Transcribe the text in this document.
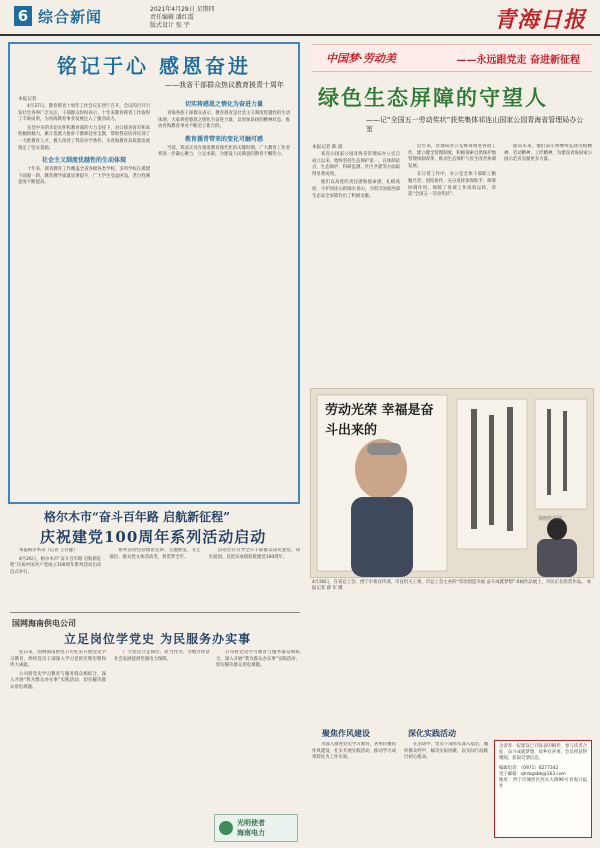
6 综合新闻	2021年4月29日 星期四
责任编辑 潘红霞
版式设计 张 宇	青海日报
铭记于心 感恩奋进
——我省干部群众热议教育援青十周年
本报记者

4月27日，教育援青十周年工作会议在西宁召开。会议的召开引发社会各界广泛关注，干部群众纷纷表示，十年来教育援青工作取得了丰硕成果，为青海教育事业发展注入了强劲动力。

在党中央的亲切关怀和教育部的大力支持下，对口援青省市和高校倾情倾力，累计选派大批骨干教师赴青支教，帮助我省培养培训了一大批教育人才，极大改善了我省办学条件，为青海教育高质量发展奠定了坚实基础。

社会主义制度优越性的生动体现

十年来，援青教育工作覆盖全省各级各类学校，多所学校在援建下面貌一新，教育教学质量显著提升，广大学生受益匪浅，老百姓满意度不断提高。

切实将感恩之情化为奋进力量

青海各族干部群众表示，教育援青是社会主义制度优越性的生动体现，大家将把感恩之情化为奋进力量，以更加昂扬的精神状态，推动青海教育事业不断迈上新台阶。

教育援青带来的变化可触可感

当前，我省正处在推进教育现代化的关键时期，广大教育工作者将进一步凝心聚力，立足本职，为建设人民满意的教育不懈努力。

中国梦·劳动美	——永远跟党走 奋进新征程
绿色生态屏障的守望人
——记“全国五一劳动奖状”获奖集体祁连山国家公园青海省管理局办公室
本报记者 陈 晨

祁连山国家公园青海省管理局办公室自成立以来，始终坚持生态保护第一，在体制试点、生态保护、科研监测、社区共建等方面取得显著成效。

他们以高度的责任感和使命感，扎根高原，守护祁连山的绿水青山，为筑牢国家西部生态安全屏障作出了积极贡献。

近年来，管理局办公室统筹推进各项工作，建立健全管理制度，积极探索自然保护地管理体制改革，推动生态保护与民生改善协调发展。

在日常工作中，办公室全体干部职工勤勉尽责、团结协作，充分发挥参谋助手、统筹协调作用，保障了各项工作高效运转，荣获“全国五一劳动奖状”。

面向未来，他们表示将继续弘扬劳模精神、劳动精神、工匠精神，为建设青海国家公园示范省贡献更多力量。

劳动光荣 幸福是奋斗出来的
书画作品展
4月28日，在省总工会、西宁市委宣传部、市直机关工委、市总工会主办的“劳动创造幸福 奋斗成就梦想”书画作品展上，市民正在欣赏作品。 本报记者 薛 军 摄
格尔木市“奋斗百年路 启航新征程”
庆祝建党100周年系列活动启动

本报格尔木讯（记者 王存健）

4月26日，格尔木市“奋斗百年路 启航新征程”庆祝中国共产党成立100周年系列活动启动仪式举行。

系列活动包括理论宣讲、主题展览、文艺演出、群众性文体活动等，将贯穿全年。

活动旨在引导全市干部群众知史爱党、知史爱国，以优异成绩迎接建党100周年。

国网海南供电公司
立足岗位学党史 为民服务办实事

连日来，国网海南供电公司扎实开展党史学习教育，组织党员干部深入学习党的光辉历程和伟大成就。

公司将党史学习教育与服务群众相结合，深入开展“我为群众办实事”实践活动，切实解决群众用电难题。

广大党员立足岗位、担当作为，为地方经济社会发展提供坚强电力保障。

公司将党史学习教育与服务群众相结合，深入开展“我为群众办实事”实践活动，切实解决群众用电难题。

光明使者
海南电力
聚焦作风建设	深化实践活动

为深入推进党史学习教育，各单位聚焦作风建设，扎实开展实践活动，推动学习成果转化为工作实效。

在活动中，党员干部带头深入基层，倾听群众呼声，解决实际困难，以实际行动践行初心使命。

舍者青一报建设已刊发表的稿件，参与读者合征，奋斗成就梦想，故乡有喜事，会员将获得赠阅，获取反馈信息。

编辑电话：（0971）6277342

电子邮箱：qhrbgdbb@163.com

地址：西宁市城西区西关大街96号青海日报社
